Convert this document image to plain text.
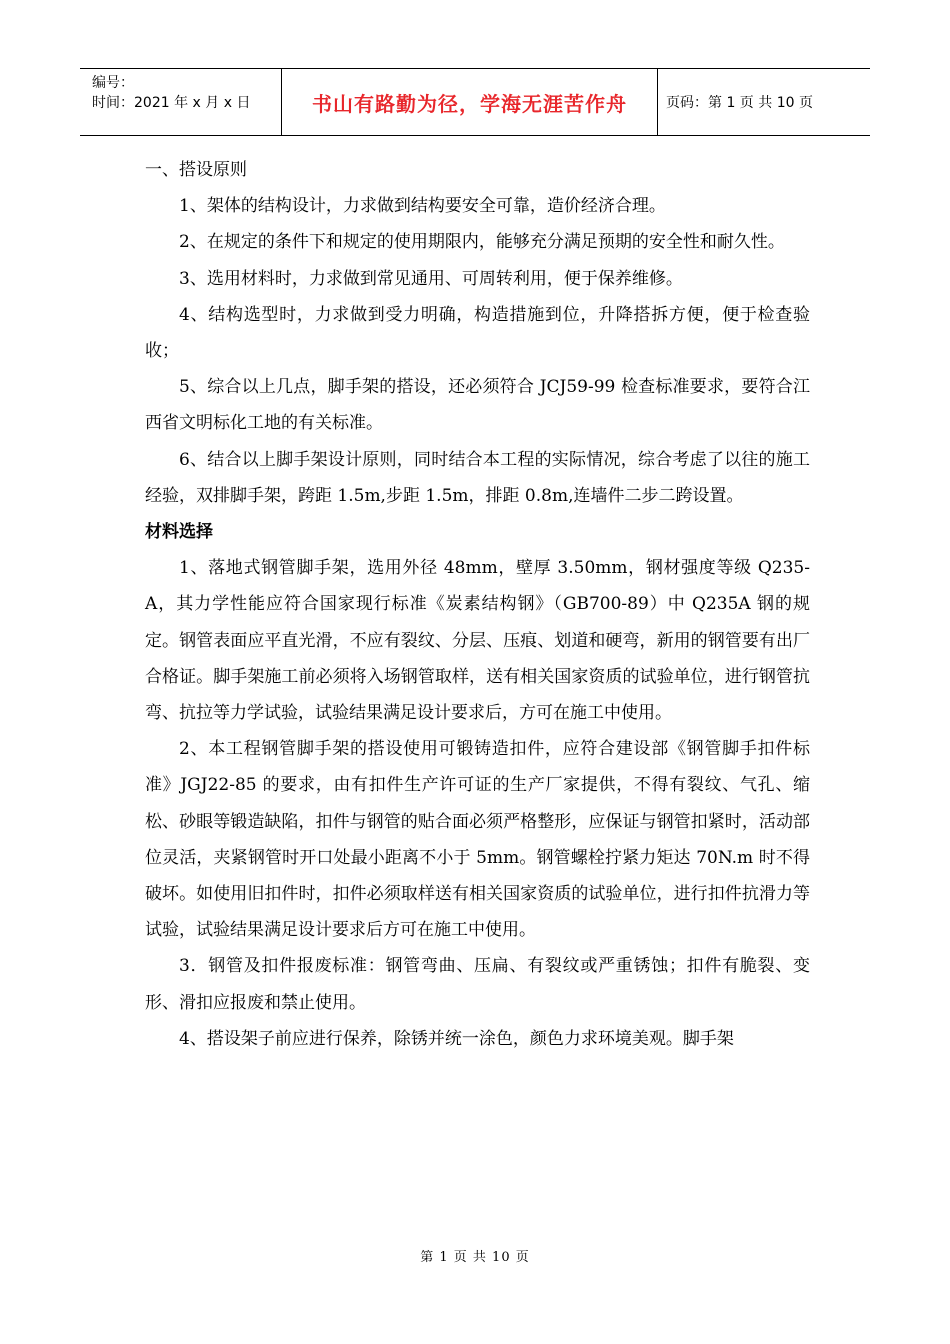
编号：
时间：2021 年 x 月 x 日	书山有路勤为径，学海无涯苦作舟	页码：第 1 页 共 10 页

一、搭设原则

1、架体的结构设计，力求做到结构要安全可靠，造价经济合理。

2、在规定的条件下和规定的使用期限内，能够充分满足预期的安全性和耐久性。

3、选用材料时，力求做到常见通用、可周转利用，便于保养维修。

4、结构选型时，力求做到受力明确，构造措施到位，升降搭拆方便，便于检查验收；

5、综合以上几点，脚手架的搭设，还必须符合 JCJ59-99 检查标准要求，要符合江西省文明标化工地的有关标准。

6、结合以上脚手架设计原则，同时结合本工程的实际情况，综合考虑了以往的施工经验，双排脚手架，跨距 1.5m,步距 1.5m，排距 0.8m,连墙件二步二跨设置。

材料选择

1、落地式钢管脚手架，选用外径 48mm，壁厚 3.50mm，钢材强度等级 Q235-A，其力学性能应符合国家现行标准《炭素结构钢》（GB700-89）中 Q235A 钢的规定。钢管表面应平直光滑，不应有裂纹、分层、压痕、划道和硬弯，新用的钢管要有出厂合格证。脚手架施工前必须将入场钢管取样，送有相关国家资质的试验单位，进行钢管抗弯、抗拉等力学试验，试验结果满足设计要求后，方可在施工中使用。

2、本工程钢管脚手架的搭设使用可锻铸造扣件，应符合建设部《钢管脚手扣件标准》JGJ22-85 的要求，由有扣件生产许可证的生产厂家提供，不得有裂纹、气孔、缩松、砂眼等锻造缺陷，扣件与钢管的贴合面必须严格整形，应保证与钢管扣紧时，活动部位灵活，夹紧钢管时开口处最小距离不小于 5mm。钢管螺栓拧紧力矩达 70N.m 时不得破坏。如使用旧扣件时，扣件必须取样送有相关国家资质的试验单位，进行扣件抗滑力等试验，试验结果满足设计要求后方可在施工中使用。

3．钢管及扣件报废标准：钢管弯曲、压扁、有裂纹或严重锈蚀；扣件有脆裂、变形、滑扣应报废和禁止使用。

4、搭设架子前应进行保养，除锈并统一涂色，颜色力求环境美观。脚手架

第 1 页 共 10 页
